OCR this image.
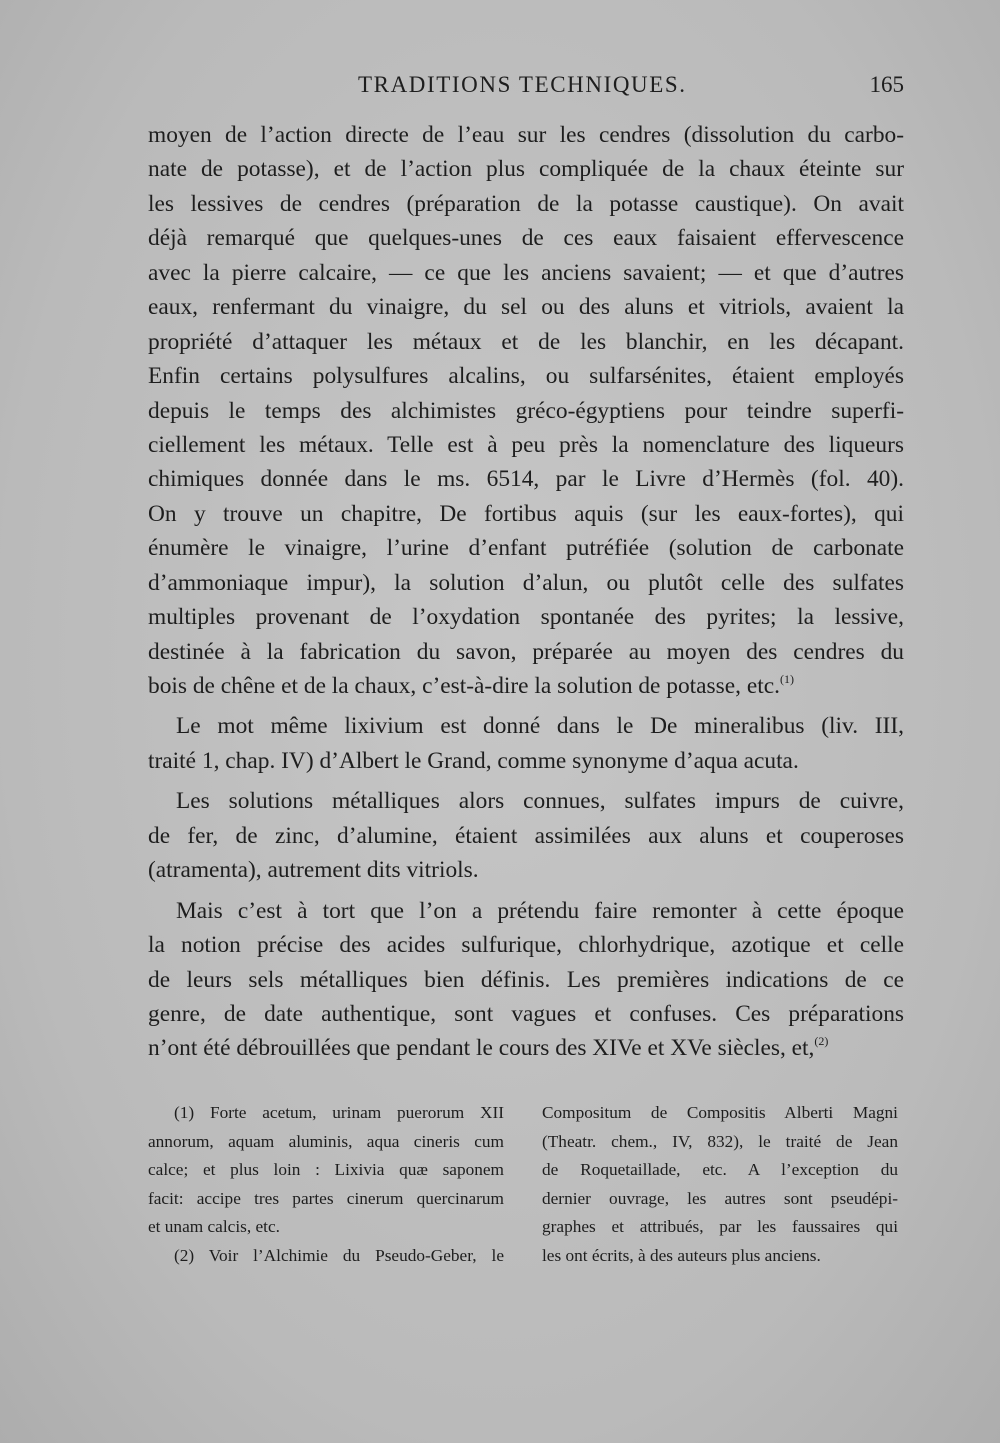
TRADITIONS TECHNIQUES.	165
moyen de l’action directe de l’eau sur les cendres (dissolution du carbo-
nate de potasse), et de l’action plus compliquée de la chaux éteinte sur
les lessives de cendres (préparation de la potasse caustique). On avait
déjà remarqué que quelques-unes de ces eaux faisaient effervescence
avec la pierre calcaire, — ce que les anciens savaient; — et que d’autres
eaux, renfermant du vinaigre, du sel ou des aluns et vitriols, avaient la
propriété d’attaquer les métaux et de les blanchir, en les décapant.
Enfin certains polysulfures alcalins, ou sulfarsénites, étaient employés
depuis le temps des alchimistes gréco-égyptiens pour teindre superfi-
ciellement les métaux. Telle est à peu près la nomenclature des liqueurs
chimiques donnée dans le ms. 6514, par le Livre d’Hermès (fol. 40).
On y trouve un chapitre, De fortibus aquis (sur les eaux-fortes), qui
énumère le vinaigre, l’urine d’enfant putréfiée (solution de carbonate
d’ammoniaque impur), la solution d’alun, ou plutôt celle des sulfates
multiples provenant de l’oxydation spontanée des pyrites; la lessive,
destinée à la fabrication du savon, préparée au moyen des cendres du
bois de chêne et de la chaux, c’est-à-dire la solution de potasse, etc.$^{(1)}$
Le mot même lixivium est donné dans le De mineralibus (liv. III,
traité 1, chap. IV) d’Albert le Grand, comme synonyme d’aqua acuta.
Les solutions métalliques alors connues, sulfates impurs de cuivre,
de fer, de zinc, d’alumine, étaient assimilées aux aluns et couperoses
(atramenta), autrement dits vitriols.
Mais c’est à tort que l’on a prétendu faire remonter à cette époque
la notion précise des acides sulfurique, chlorhydrique, azotique et celle
de leurs sels métalliques bien définis. Les premières indications de ce
genre, de date authentique, sont vagues et confuses. Ces préparations
n’ont été débrouillées que pendant le cours des XIVe et XVe siècles, et,$^{(2)}$
(1) Forte acetum, urinam puerorum XII
annorum, aquam aluminis, aqua cineris cum
calce; et plus loin : Lixivia quæ saponem
facit: accipe tres partes cinerum quercinarum
et unam calcis, etc.
(2) Voir l’Alchimie du Pseudo-Geber, le
Compositum de Compositis Alberti Magni
(Theatr. chem., IV, 832), le traité de Jean
de Roquetaillade, etc. A l’exception du
dernier ouvrage, les autres sont pseudépi-
graphes et attribués, par les faussaires qui
les ont écrits, à des auteurs plus anciens.
